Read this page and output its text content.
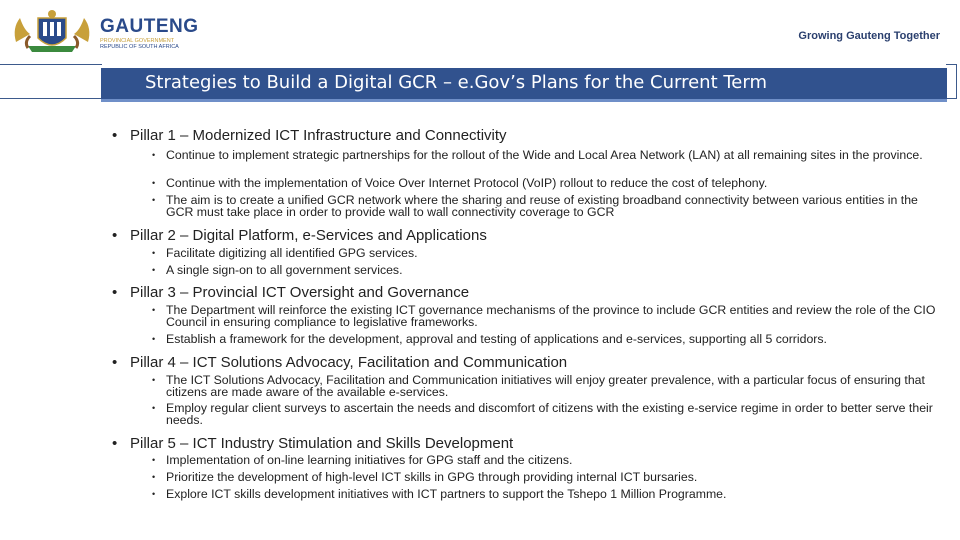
GAUTENG
PROVINCIAL GOVERNMENT
REPUBLIC OF SOUTH AFRICA
Growing Gauteng Together
Strategies to Build a Digital GCR – e.Gov’s Plans for the Current Term
• Pillar 1 – Modernized ICT Infrastructure and Connectivity
• Continue to implement strategic partnerships for the rollout of the Wide and Local Area Network (LAN) at all remaining sites in the province.
• Continue with the implementation of Voice Over Internet Protocol (VoIP) rollout to reduce the cost of telephony.
• The aim is to create a unified GCR network where the sharing and reuse of existing broadband connectivity between various entities in the GCR must take place in order to provide wall to wall connectivity coverage to GCR
• Pillar 2 – Digital Platform, e-Services and Applications
• Facilitate digitizing all identified GPG services.
• A single sign-on to all government services.
• Pillar 3 – Provincial ICT Oversight and Governance
• The Department will reinforce the existing ICT governance mechanisms of the province to include GCR entities and review the role of the CIO Council in ensuring compliance to legislative frameworks.
• Establish a framework for the development, approval and testing of applications and e-services, supporting all 5 corridors.
• Pillar 4 – ICT Solutions Advocacy, Facilitation and Communication
• The ICT Solutions Advocacy, Facilitation and Communication initiatives will enjoy greater prevalence, with a particular focus of ensuring that citizens are made aware of the available e-services.
• Employ regular client surveys to ascertain the needs and discomfort of citizens with the existing e-service regime in order to better serve their needs.
• Pillar 5 – ICT Industry Stimulation and Skills Development
• Implementation of on-line learning initiatives for GPG staff and the citizens.
• Prioritize the development of high-level ICT skills in GPG through providing internal ICT bursaries.
• Explore ICT skills development initiatives with ICT partners to support the Tshepo 1 Million Programme.
